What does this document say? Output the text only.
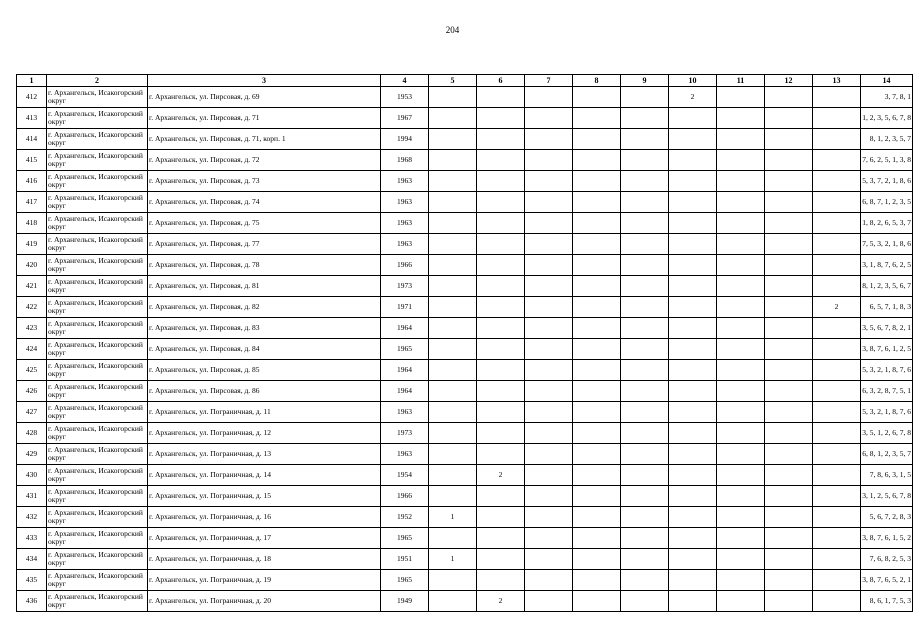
204
1	2	3	4	5	6	7	8	9	10	11	12	13	14
412	г. Архангельск, Исакогорский округ	г. Архангельск, ул. Пирсовая, д. 69	1953						2				3, 7, 8, 1
413	г. Архангельск, Исакогорский округ	г. Архангельск, ул. Пирсовая, д. 71	1967										1, 2, 3, 5, 6, 7, 8
414	г. Архангельск, Исакогорский округ	г. Архангельск, ул. Пирсовая, д. 71, корп. 1	1994										8, 1, 2, 3, 5, 7
415	г. Архангельск, Исакогорский округ	г. Архангельск, ул. Пирсовая, д. 72	1968										7, 6, 2, 5, 1, 3, 8
416	г. Архангельск, Исакогорский округ	г. Архангельск, ул. Пирсовая, д. 73	1963										5, 3, 7, 2, 1, 8, 6
417	г. Архангельск, Исакогорский округ	г. Архангельск, ул. Пирсовая, д. 74	1963										6, 8, 7, 1, 2, 3, 5
418	г. Архангельск, Исакогорский округ	г. Архангельск, ул. Пирсовая, д. 75	1963										1, 8, 2, 6, 5, 3, 7
419	г. Архангельск, Исакогорский округ	г. Архангельск, ул. Пирсовая, д. 77	1963										7, 5, 3, 2, 1, 8, 6
420	г. Архангельск, Исакогорский округ	г. Архангельск, ул. Пирсовая, д. 78	1966										3, 1, 8, 7, 6, 2, 5
421	г. Архангельск, Исакогорский округ	г. Архангельск, ул. Пирсовая, д. 81	1973										8, 1, 2, 3, 5, 6, 7
422	г. Архангельск, Исакогорский округ	г. Архангельск, ул. Пирсовая, д. 82	1971									2	6, 5, 7, 1, 8, 3
423	г. Архангельск, Исакогорский округ	г. Архангельск, ул. Пирсовая, д. 83	1964										3, 5, 6, 7, 8, 2, 1
424	г. Архангельск, Исакогорский округ	г. Архангельск, ул. Пирсовая, д. 84	1965										3, 8, 7, 6, 1, 2, 5
425	г. Архангельск, Исакогорский округ	г. Архангельск, ул. Пирсовая, д. 85	1964										5, 3, 2, 1, 8, 7, 6
426	г. Архангельск, Исакогорский округ	г. Архангельск, ул. Пирсовая, д. 86	1964										6, 3, 2, 8, 7, 5, 1
427	г. Архангельск, Исакогорский округ	г. Архангельск, ул. Пограничная, д. 11	1963										5, 3, 2, 1, 8, 7, 6
428	г. Архангельск, Исакогорский округ	г. Архангельск, ул. Пограничная, д. 12	1973										3, 5, 1, 2, 6, 7, 8
429	г. Архангельск, Исакогорский округ	г. Архангельск, ул. Пограничная, д. 13	1963										6, 8, 1, 2, 3, 5, 7
430	г. Архангельск, Исакогорский округ	г. Архангельск, ул. Пограничная, д. 14	1954		2								7, 8, 6, 3, 1, 5
431	г. Архангельск, Исакогорский округ	г. Архангельск, ул. Пограничная, д. 15	1966										3, 1, 2, 5, 6, 7, 8
432	г. Архангельск, Исакогорский округ	г. Архангельск, ул. Пограничная, д. 16	1952	1									5, 6, 7, 2, 8, 3
433	г. Архангельск, Исакогорский округ	г. Архангельск, ул. Пограничная, д. 17	1965										3, 8, 7, 6, 1, 5, 2
434	г. Архангельск, Исакогорский округ	г. Архангельск, ул. Пограничная, д. 18	1951	1									7, 6, 8, 2, 5, 3
435	г. Архангельск, Исакогорский округ	г. Архангельск, ул. Пограничная, д. 19	1965										3, 8, 7, 6, 5, 2, 1
436	г. Архангельск, Исакогорский округ	г. Архангельск, ул. Пограничная, д. 20	1949		2								8, 6, 1, 7, 5, 3
